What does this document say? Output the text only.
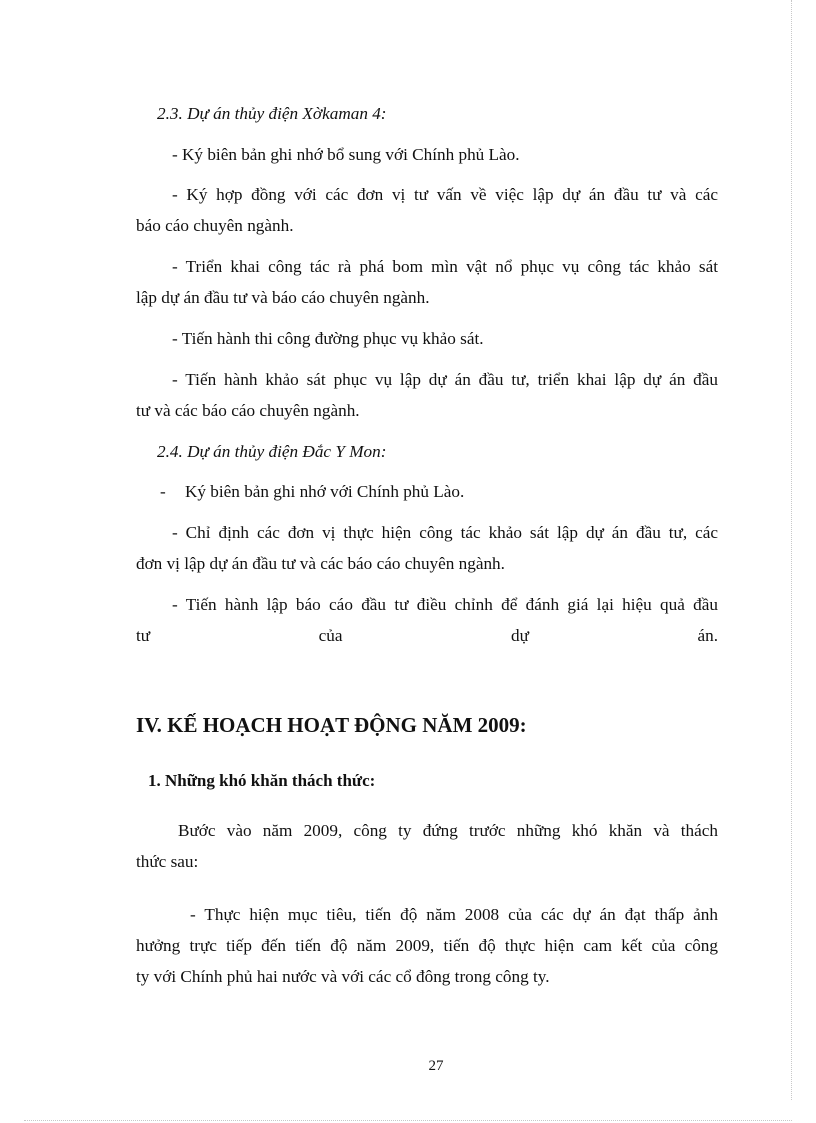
2.3. Dự án thủy điện Xờkaman 4:
- Ký biên bản ghi nhớ bổ sung với Chính phủ Lào.
- Ký hợp đồng với các đơn vị tư vấn về việc lập dự án đầu tư và các
báo cáo chuyên ngành.
- Triển khai công tác rà phá bom mìn vật nổ phục vụ công tác khảo sát
lập dự án đầu tư và báo cáo chuyên ngành.
- Tiến hành thi công đường phục vụ khảo sát.
- Tiến hành khảo sát phục vụ lập dự án đầu tư, triển khai lập dự án đầu
tư và các báo cáo chuyên ngành.
2.4. Dự án thủy điện Đắc Y Mon:
-	Ký biên bản ghi nhớ với Chính phủ Lào.
- Chỉ định các đơn vị thực hiện công tác khảo sát lập dự án đầu tư, các
đơn vị lập dự án đầu tư và các báo cáo chuyên ngành.
- Tiến hành lập báo cáo đầu tư điều chỉnh để đánh giá lại hiệu quả đầu
tư của dự án.
IV. KẾ HOẠCH HOẠT ĐỘNG NĂM 2009:
1. Những khó khăn thách thức:
Bước vào năm 2009, công ty đứng trước những khó khăn và thách
thức sau:
- Thực hiện mục tiêu, tiến độ năm 2008 của các dự án đạt thấp ảnh
hưởng trực tiếp đến tiến độ năm 2009, tiến độ thực hiện cam kết của công
ty với Chính phủ hai nước và với các cổ đông trong công ty.
27
